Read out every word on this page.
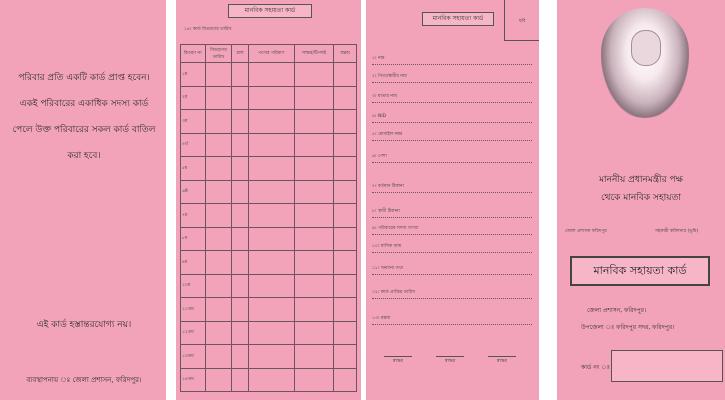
পরিবার প্রতি একটি কার্ড প্রাপ্ত হবেন।
একই পরিবারের একাধিক সদস্য কার্ড
পেলে উক্ত পরিবারের সকল কার্ড বাতিল
করা হবে।
এই কার্ড হস্তান্তরযোগ্য নয়।
ব্যবস্থাপনায় ঃ জেলা প্রশাসন, ফরিদপুর।
মানবিক সহায়তা কার্ড
১৪। কার্ড বিতরণের তারিখ
বিতরণ নং	বিতরণের তারিখ	চাল	পণ্যের পরিমাণ	সাক্ষর/টিপসই	মন্তব্য
১ম					
২য়					
৩য়					
৪র্থ					
৫ম					
৬ষ্ঠ					
৭ম					
৮ম					
৯ম					
১০ম					
১১তম					
১২তম					
১৩তম					
১৪তম					
মানবিক সহায়তা কার্ড	ছবি
১। নাম
২। পিতা/স্বামীর নাম
৩। মাতার নাম
৪। NID
৫। মোবাইল নম্বর
৬। পেশা
৭। বর্তমান ঠিকানা
৮। স্থায়ী ঠিকানা
৯। পরিবারের সদস্য সংখ্যা
১০। মাসিক আয়
১১। অন্যান্য তথ্য
১২। কার্ড প্রাপ্তির তারিখ
১৩। মন্তব্য
স্বাক্ষর	স্বাক্ষর	স্বাক্ষর
মাননীয় প্রধানমন্ত্রীর পক্ষ
থেকে মানবিক সহায়তা
জেলা প্রশাসক ফরিদপুর	সহকারী কমিশনার (ভূমি)
মানবিক সহায়তা কার্ড
জেলা প্রশাসন, ফরিদপুর।
উপজেলা ঃ ফরিদপুর সদর, ফরিদপুর।
কার্ড নং ঃ
